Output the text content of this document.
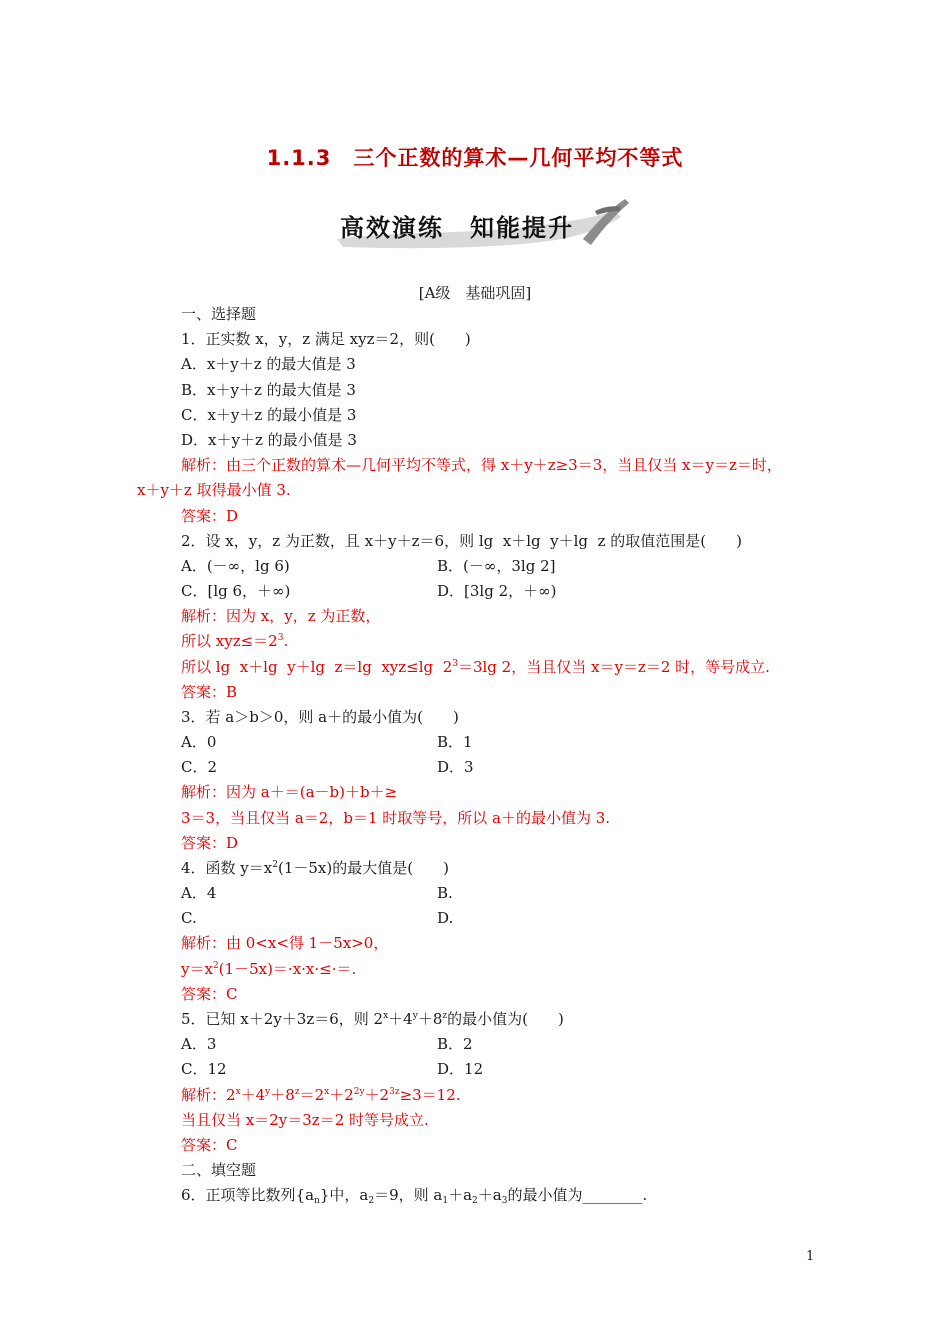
1.1.3　三个正数的算术—几何平均不等式
高效演练　知能提升
[A级　基础巩固]
一、选择题
1．正实数 x，y，z 满足 xyz＝2，则(　　)
A．x＋y＋z 的最大值是 3
B．x＋y＋z 的最大值是 3
C．x＋y＋z 的最小值是 3
D．x＋y＋z 的最小值是 3
解析：由三个正数的算术—几何平均不等式，得 x＋y＋z≥3＝3，当且仅当 x＝y＝z＝时，
x＋y＋z 取得最小值 3.
答案：D
2．设 x，y，z 为正数，且 x＋y＋z＝6，则 lg  x＋lg  y＋lg  z 的取值范围是(　　)
A．(－∞，lg 6)	B．(－∞，3lg 2]
C．[lg 6，＋∞)	D．[3lg 2，＋∞)
解析：因为 x，y，z 为正数，
所以 $xyz\le=2^3$.
所以 lg  x＋lg  y＋lg  z＝lg  xyz≤lg  $2^3=3\lg$ 2，当且仅当 x＝y＝z＝2 时，等号成立.
答案：B
3．若 a＞b＞0，则 a＋的最小值为(　　)
A．0	B．1
C．2	D．3
解析：因为 a＋＝(a－b)＋b＋≥
3＝3，当且仅当 a＝2，b＝1 时取等号，所以 a＋的最小值为 3.
答案：D
4．函数 $y=x^2(1-5x)$的最大值是(　　)
A．4	B.
C.	D.
解析：由 0<x<得 1－5x>0，
$y=x^2(1-5x)=\cdot x\cdot x\cdot\le\cdot=$.
答案：C
5．已知 x＋2y＋3z＝6，则 $2^x+4^y+8^z$的最小值为(　　)
A．3	B．2
C．12	D．12
解析：$2^x+4^y+8^z=2^x+2^{2y}+2^{3z}\ge 3=12$.
当且仅当 x＝2y＝3z＝2 时等号成立.
答案：C
二、填空题
6．正项等比数列$\{a_n\}$中，$a_2=9$，则 $a_1+a_2+a_3$的最小值为________.
1
